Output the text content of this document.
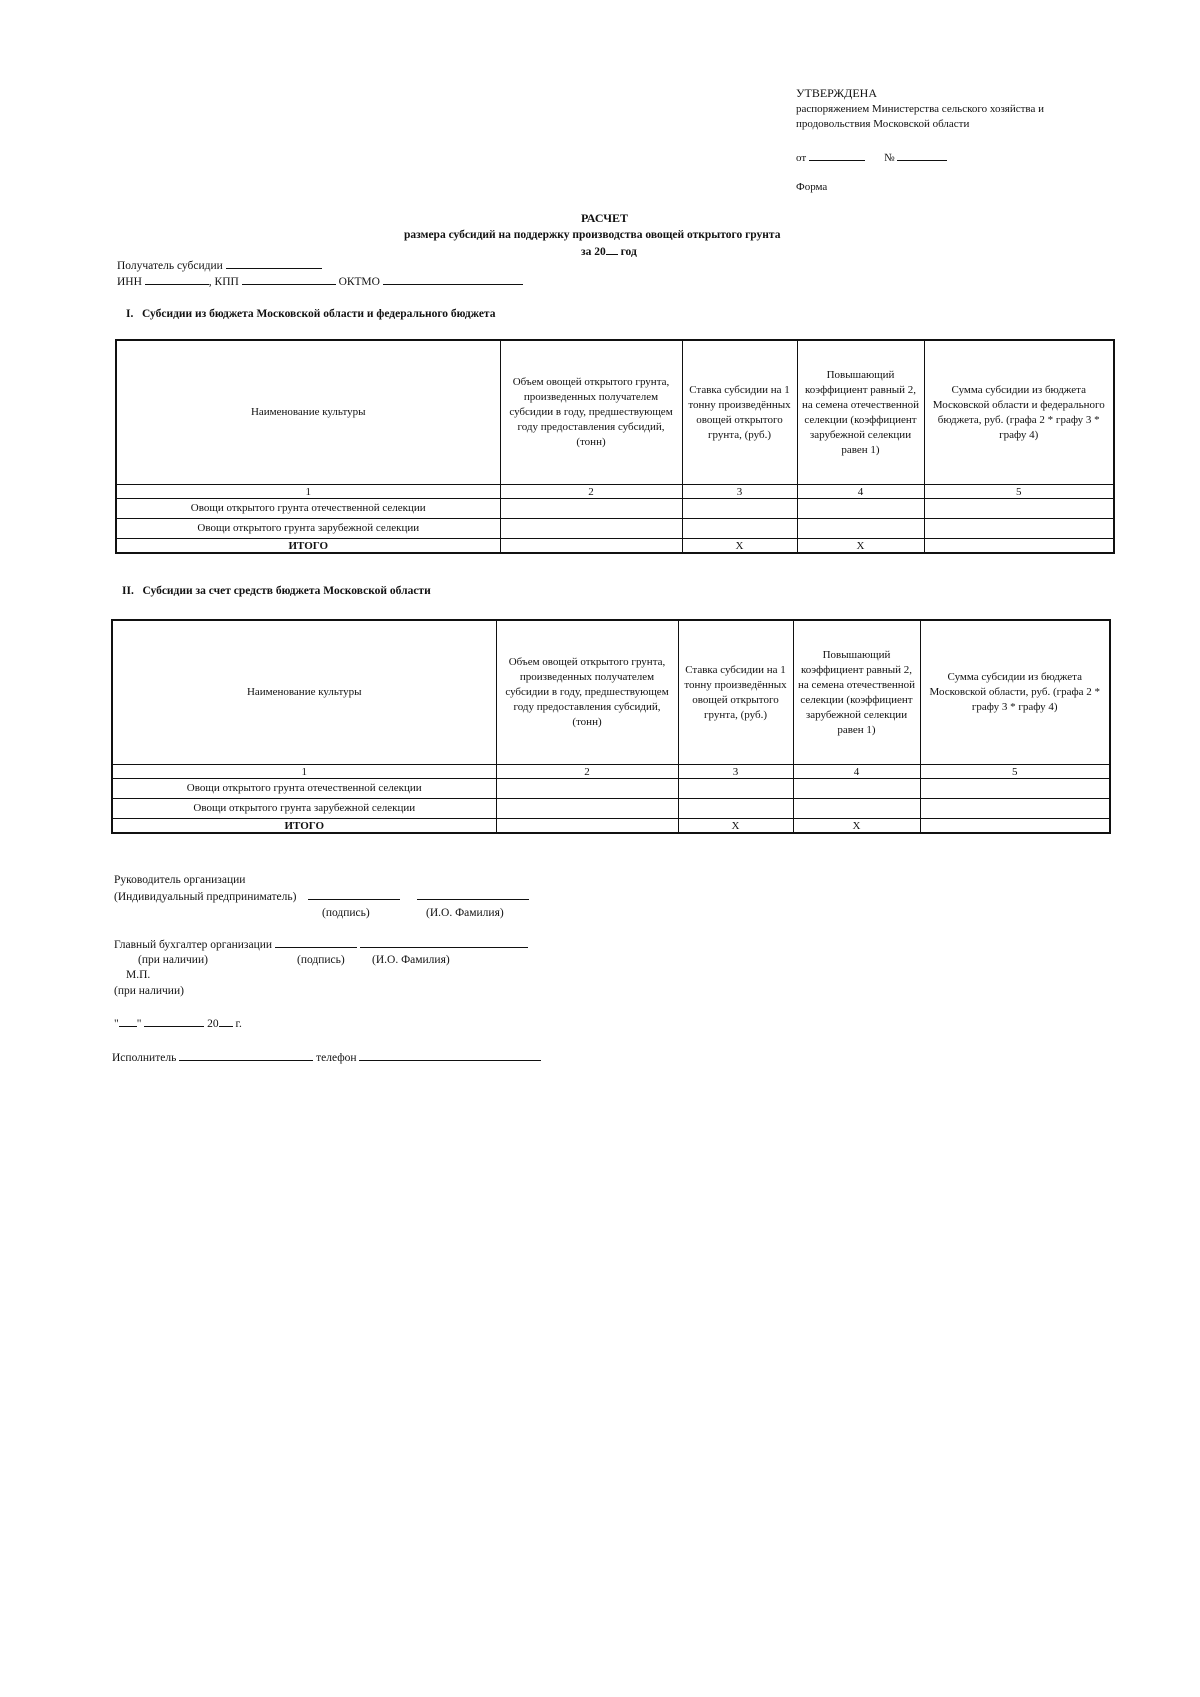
УТВЕРЖДЕНА
распоряжением Министерства сельского хозяйства и
продовольствия Московской области
от	№
Форма
РАСЧЕТ
размера субсидий на поддержку производства овощей открытого грунта
за 20 год
Получатель субсидии
ИНН	, КПП	ОКТМО
I.   Субсидии из бюджета Московской области и федерального бюджета
Наименование культуры	Объем овощей открытого грунта, произведенных получателем субсидии в году, предшествующем году предоставления субсидий, (тонн)	Ставка субсидии на 1 тонну произведённых овощей открытого грунта, (руб.)	Повышающий коэффициент равный 2, на семена отечественной селекции (коэффициент зарубежной селекции равен 1)	Сумма субсидии из бюджета Московской области и федерального бюджета, руб. (графа 2 * графу 3 * графу 4)

1	2	3	4	5
Овощи открытого грунта отечественной селекции				
Овощи открытого грунта зарубежной селекции				
ИТОГО		Х	Х	
II.   Субсидии за счет средств бюджета Московской области
Наименование культуры	Объем овощей открытого грунта, произведенных получателем субсидии в году, предшествующем году предоставления субсидий, (тонн)	Ставка субсидии на 1 тонну произведённых овощей открытого грунта, (руб.)	Повышающий коэффициент равный 2, на семена отечественной селекции (коэффициент зарубежной селекции равен 1)	Сумма субсидии из бюджета Московской области, руб. (графа 2 * графу 3 * графу 4)

1	2	3	4	5
Овощи открытого грунта отечественной селекции				
Овощи открытого грунта зарубежной селекции				
ИТОГО		Х	Х	
Руководитель организации
(Индивидуальный предприниматель)
(подпись)	(И.О. Фамилия)
Главный бухгалтер организации
(при наличии)	(подпись) (И.О. Фамилия)
М.П.
(при наличии)
" "	20 г.
Исполнитель	телефон
